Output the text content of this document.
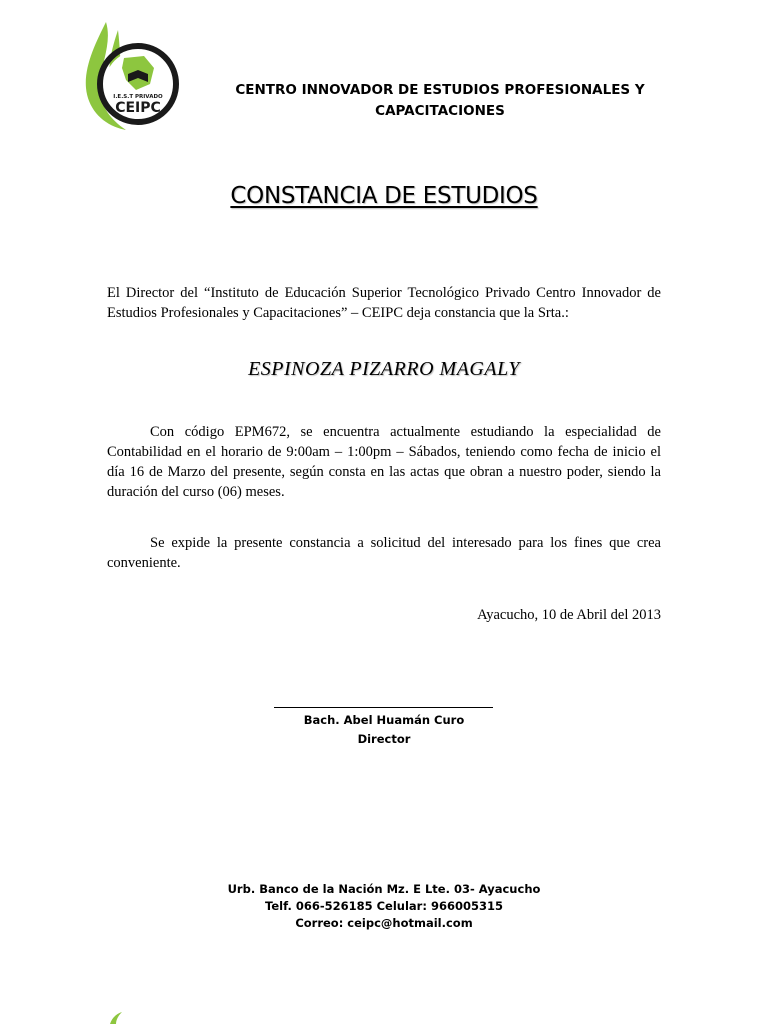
I.E.S.T PRIVADO
CEIPC
CENTRO INNOVADOR DE ESTUDIOS PROFESIONALES Y
CAPACITACIONES
CONSTANCIA DE ESTUDIOS
El Director del “Instituto de Educación Superior Tecnológico Privado Centro Innovador de Estudios Profesionales y Capacitaciones” – CEIPC deja constancia que la Srta.:
ESPINOZA PIZARRO MAGALY
Con código EPM672, se encuentra actualmente estudiando la especialidad de Contabilidad en el horario de 9:00am – 1:00pm – Sábados, teniendo como fecha de inicio el día 16 de Marzo del presente, según consta en las actas que obran a nuestro poder, siendo la duración del curso (06) meses.
Se expide la presente constancia a solicitud del interesado para los fines que crea conveniente.
Ayacucho, 10 de Abril del 2013
Bach. Abel Huamán Curo
Director
Urb. Banco de la Nación Mz. E Lte. 03- Ayacucho
Telf. 066-526185 Celular: 966005315
Correo: ceipc@hotmail.com
